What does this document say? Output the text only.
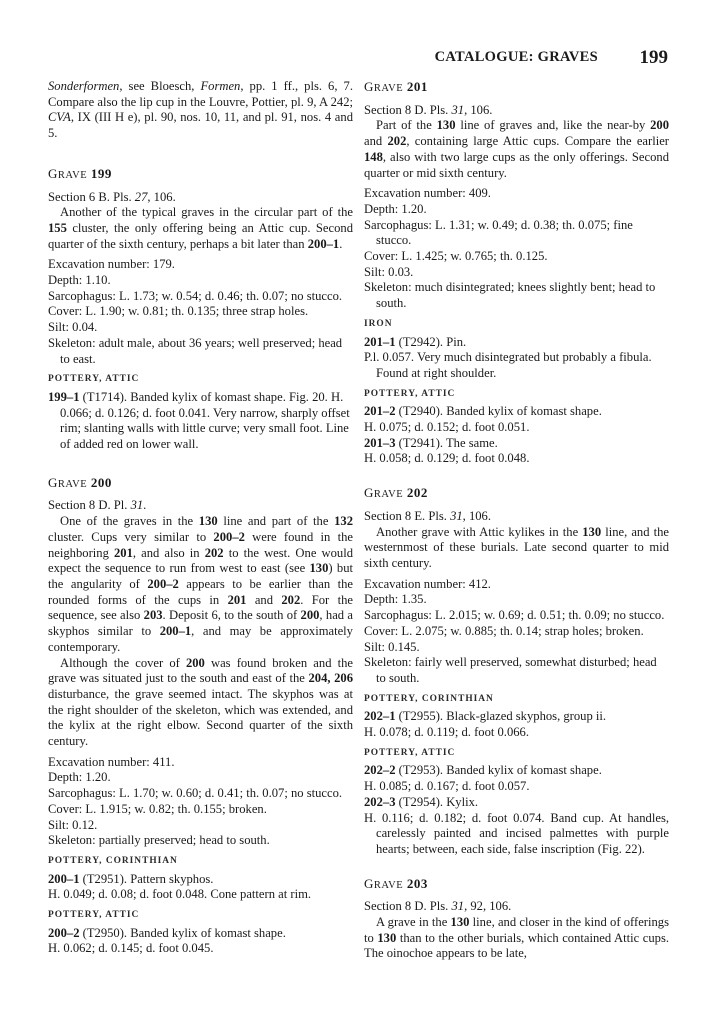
CATALOGUE: GRAVES 199

Sonderformen, see Bloesch, Formen, pp. 1 ff., pls. 6, 7. Compare also the lip cup in the Louvre, Pottier, pl. 9, A 242; CVA, IX (III H e), pl. 90, nos. 10, 11, and pl. 91, nos. 4 and 5.

GRAVE 199

Section 6 B. Pls. 27, 106.

Another of the typical graves in the circular part of the 155 cluster, the only offering being an Attic cup. Second quarter of the sixth century, perhaps a bit later than 200–1.

Excavation number: 179.

Depth: 1.10.

Sarcophagus: L. 1.73; w. 0.54; d. 0.46; th. 0.07; no stucco.

Cover: L. 1.90; w. 0.81; th. 0.135; three strap holes.

Silt: 0.04.

Skeleton: adult male, about 36 years; well preserved; head to east.

POTTERY, ATTIC

199–1 (T1714). Banded kylix of komast shape. Fig. 20. H. 0.066; d. 0.126; d. foot 0.041. Very narrow, sharply offset rim; slanting walls with little curve; very small foot. Line of added red on lower wall.

GRAVE 200

Section 8 D. Pl. 31.

One of the graves in the 130 line and part of the 132 cluster. Cups very similar to 200–2 were found in the neighboring 201, and also in 202 to the west. One would expect the sequence to run from west to east (see 130) but the angularity of 200–2 appears to be earlier than the rounded forms of the cups in 201 and 202. For the sequence, see also 203. Deposit 6, to the south of 200, had a skyphos similar to 200–1, and may be approximately contemporary.

Although the cover of 200 was found broken and the grave was situated just to the south and east of the 204, 206 disturbance, the grave seemed intact. The skyphos was at the right shoulder of the skeleton, which was extended, and the kylix at the right elbow. Second quarter of the sixth century.

Excavation number: 411.

Depth: 1.20.

Sarcophagus: L. 1.70; w. 0.60; d. 0.41; th. 0.07; no stucco.

Cover: L. 1.915; w. 0.82; th. 0.155; broken.

Silt: 0.12.

Skeleton: partially preserved; head to south.

POTTERY, CORINTHIAN

200–1 (T2951). Pattern skyphos.

H. 0.049; d. 0.08; d. foot 0.048. Cone pattern at rim.

POTTERY, ATTIC

200–2 (T2950). Banded kylix of komast shape.

H. 0.062; d. 0.145; d. foot 0.045.

GRAVE 201

Section 8 D. Pls. 31, 106.

Part of the 130 line of graves and, like the near-by 200 and 202, containing large Attic cups. Compare the earlier 148, also with two large cups as the only offerings. Second quarter or mid sixth century.

Excavation number: 409.

Depth: 1.20.

Sarcophagus: L. 1.31; w. 0.49; d. 0.38; th. 0.075; fine stucco.

Cover: L. 1.425; w. 0.765; th. 0.125.

Silt: 0.03.

Skeleton: much disintegrated; knees slightly bent; head to south.

IRON

201–1 (T2942). Pin.

P.l. 0.057. Very much disintegrated but probably a fibula. Found at right shoulder.

POTTERY, ATTIC

201–2 (T2940). Banded kylix of komast shape.

H. 0.075; d. 0.152; d. foot 0.051.

201–3 (T2941). The same.

H. 0.058; d. 0.129; d. foot 0.048.

GRAVE 202

Section 8 E. Pls. 31, 106.

Another grave with Attic kylikes in the 130 line, and the westernmost of these burials. Late second quarter to mid sixth century.

Excavation number: 412.

Depth: 1.35.

Sarcophagus: L. 2.015; w. 0.69; d. 0.51; th. 0.09; no stucco.

Cover: L. 2.075; w. 0.885; th. 0.14; strap holes; broken.

Silt: 0.145.

Skeleton: fairly well preserved, somewhat disturbed; head to south.

POTTERY, CORINTHIAN

202–1 (T2955). Black-glazed skyphos, group ii.

H. 0.078; d. 0.119; d. foot 0.066.

POTTERY, ATTIC

202–2 (T2953). Banded kylix of komast shape.

H. 0.085; d. 0.167; d. foot 0.057.

202–3 (T2954). Kylix.

H. 0.116; d. 0.182; d. foot 0.074. Band cup. At handles, carelessly painted and incised palmettes with purple hearts; between, each side, false inscription (Fig. 22).

GRAVE 203

Section 8 D. Pls. 31, 92, 106.

A grave in the 130 line, and closer in the kind of offerings to 130 than to the other burials, which contained Attic cups. The oinochoe appears to be late,
